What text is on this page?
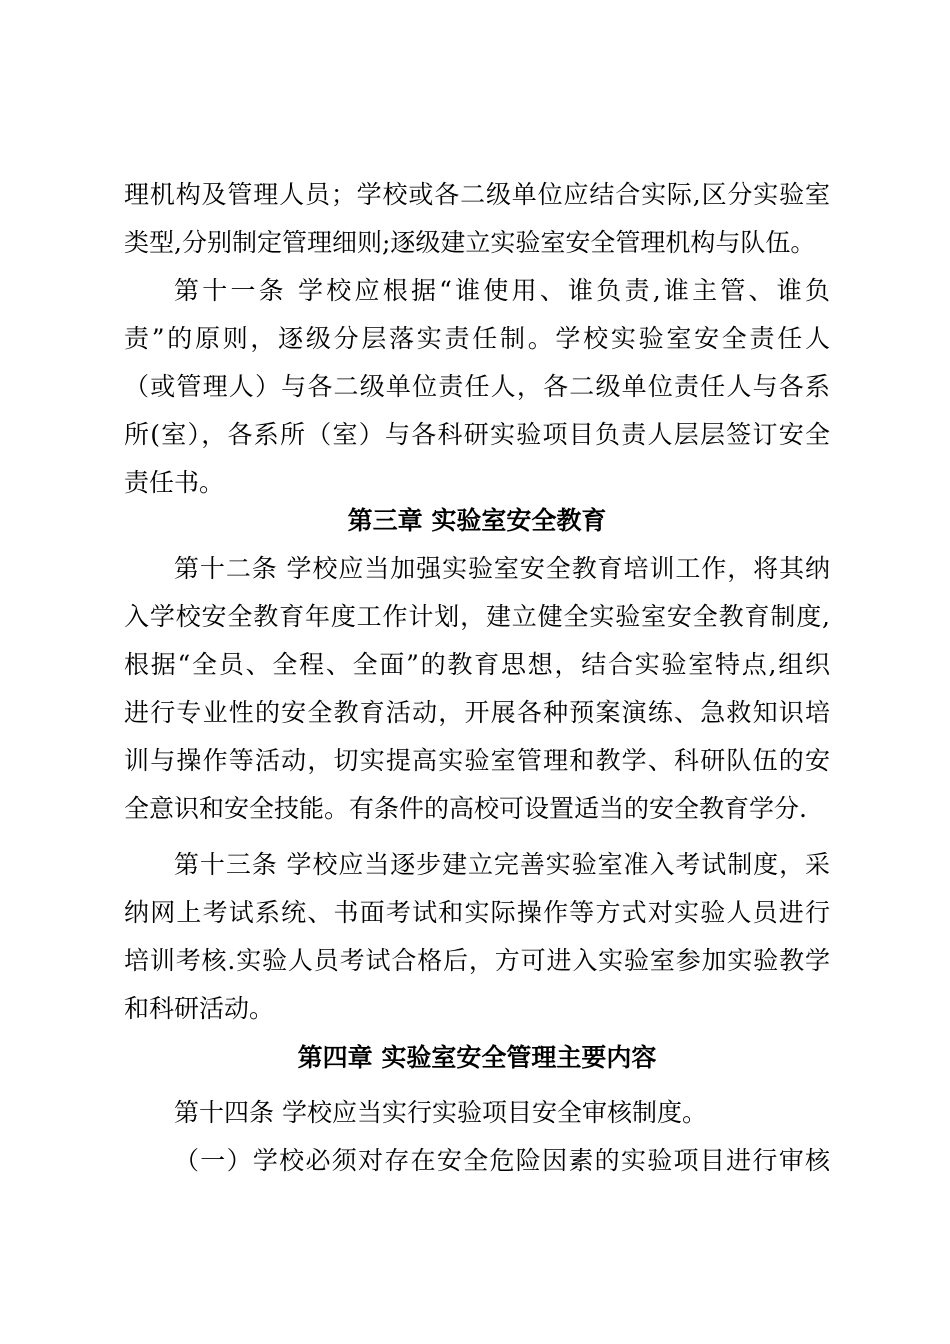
理机构及管理人员；学校或各二级单位应结合实际,区分实验室
类型,分别制定管理细则;逐级建立实验室安全管理机构与队伍。
第十一条 学校应根据“谁使用、谁负责,谁主管、谁负
责”的原则，逐级分层落实责任制。学校实验室安全责任人
（或管理人）与各二级单位责任人，各二级单位责任人与各系
所(室），各系所（室）与各科研实验项目负责人层层签订安全
责任书。
第三章 实验室安全教育
第十二条 学校应当加强实验室安全教育培训工作，将其纳
入学校安全教育年度工作计划，建立健全实验室安全教育制度,
根据“全员、全程、全面”的教育思想，结合实验室特点,组织
进行专业性的安全教育活动，开展各种预案演练、急救知识培
训与操作等活动，切实提高实验室管理和教学、科研队伍的安
全意识和安全技能。有条件的高校可设置适当的安全教育学分.
第十三条 学校应当逐步建立完善实验室准入考试制度，采
纳网上考试系统、书面考试和实际操作等方式对实验人员进行
培训考核.实验人员考试合格后，方可进入实验室参加实验教学
和科研活动。
第四章 实验室安全管理主要内容
第十四条 学校应当实行实验项目安全审核制度。
（一）学校必须对存在安全危险因素的实验项目进行审核
